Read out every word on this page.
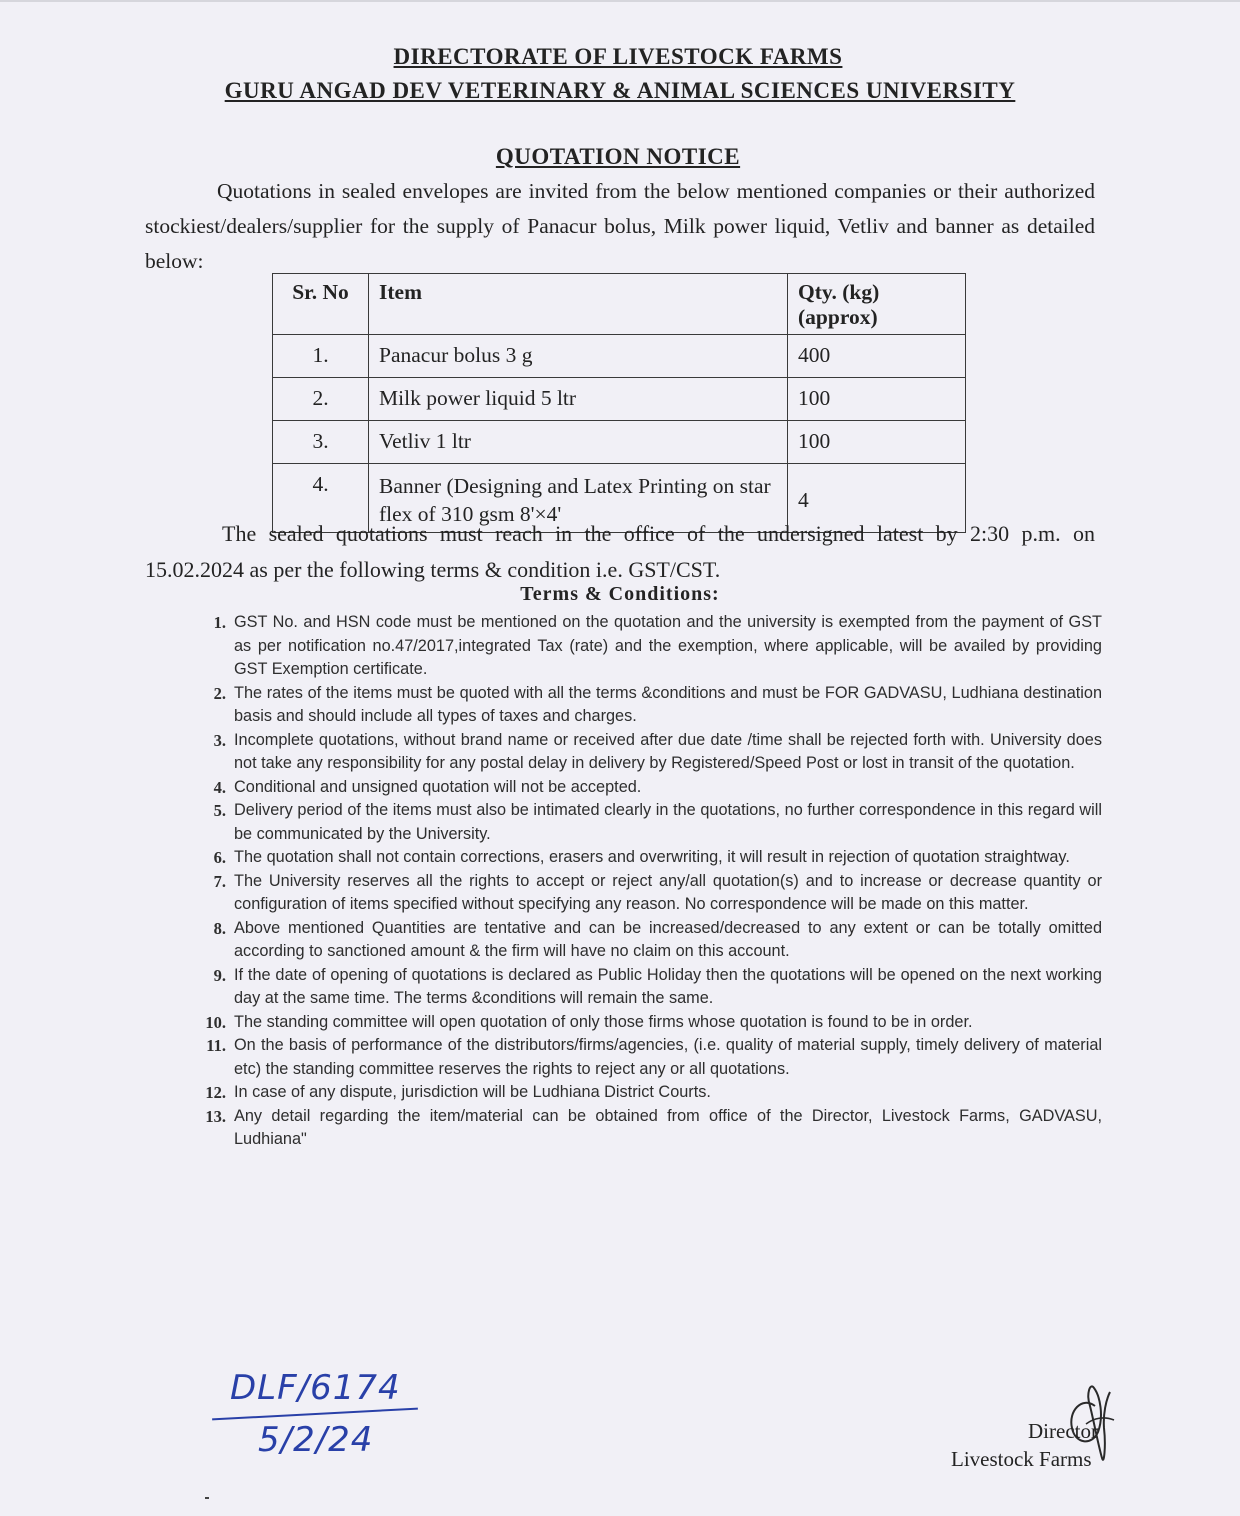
DIRECTORATE OF LIVESTOCK FARMS
GURU ANGAD DEV VETERINARY & ANIMAL SCIENCES UNIVERSITY
QUOTATION NOTICE
Quotations in sealed envelopes are invited from the below mentioned companies or their authorized stockiest/dealers/supplier for the supply of Panacur bolus, Milk power liquid, Vetliv and banner as detailed below:
Sr. No	Item	Qty. (kg) (approx)
1.	Panacur bolus 3 g	400
2.	Milk power liquid 5 ltr	100
3.	Vetliv 1 ltr	100
4.	Banner (Designing and Latex Printing on star flex of 310 gsm 8'×4'	4
The sealed quotations must reach in the office of the undersigned latest by 2:30 p.m. on 15.02.2024 as per the following terms & condition i.e. GST/CST.
Terms & Conditions:
1. GST No. and HSN code must be mentioned on the quotation and the university is exempted from the payment of GST as per notification no.47/2017,integrated Tax (rate) and the exemption, where applicable, will be availed by providing GST Exemption certificate.
2. The rates of the items must be quoted with all the terms &conditions and must be FOR GADVASU, Ludhiana destination basis and should include all types of taxes and charges.
3. Incomplete quotations, without brand name or received after due date /time shall be rejected forth with. University does not take any responsibility for any postal delay in delivery by Registered/Speed Post or lost in transit of the quotation.
4. Conditional and unsigned quotation will not be accepted.
5. Delivery period of the items must also be intimated clearly in the quotations, no further correspondence in this regard will be communicated by the University.
6. The quotation shall not contain corrections, erasers and overwriting, it will result in rejection of quotation straightway.
7. The University reserves all the rights to accept or reject any/all quotation(s) and to increase or decrease quantity or configuration of items specified without specifying any reason. No correspondence will be made on this matter.
8. Above mentioned Quantities are tentative and can be increased/decreased to any extent or can be totally omitted according to sanctioned amount & the firm will have no claim on this account.
9. If the date of opening of quotations is declared as Public Holiday then the quotations will be opened on the next working day at the same time. The terms &conditions will remain the same.
10. The standing committee will open quotation of only those firms whose quotation is found to be in order.
11. On the basis of performance of the distributors/firms/agencies, (i.e. quality of material supply, timely delivery of material etc) the standing committee reserves the rights to reject any or all quotations.
12. In case of any dispute, jurisdiction will be Ludhiana District Courts.
13. Any detail regarding the item/material can be obtained from office of the Director, Livestock Farms, GADVASU, Ludhiana"
DLF/6174
5/2/24	Director
Livestock Farms
